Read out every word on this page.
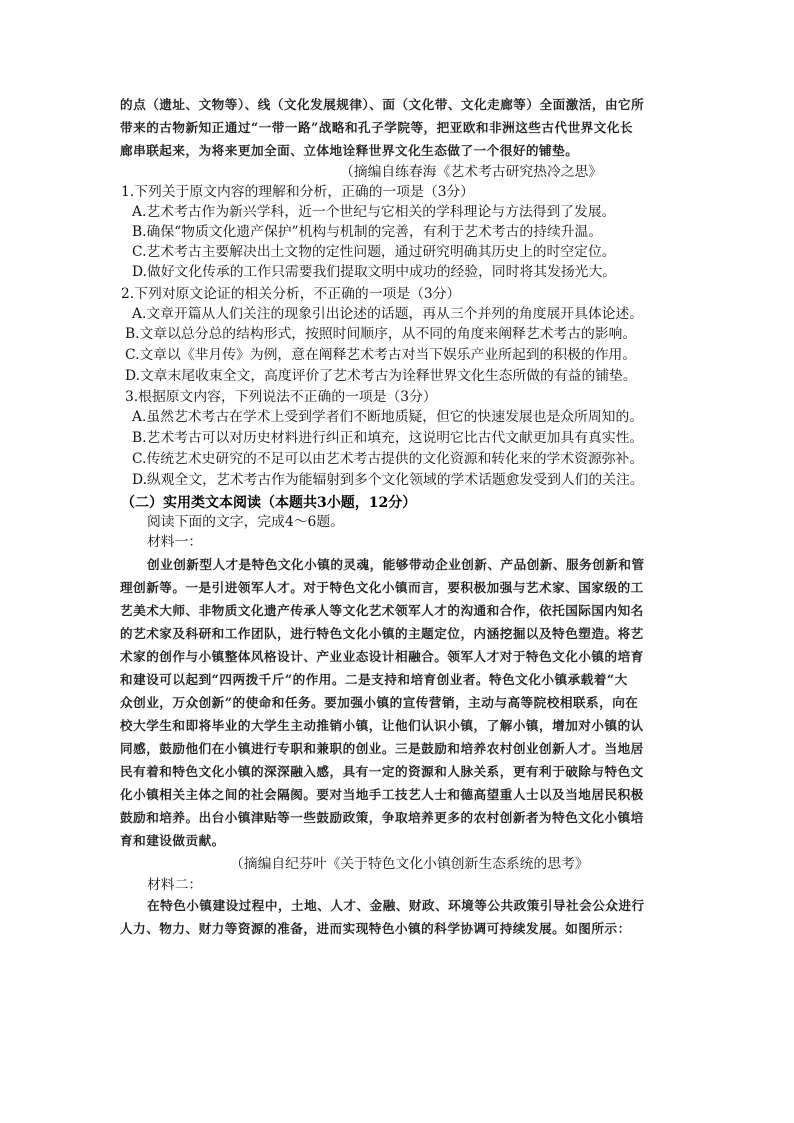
的点（遗址、文物等）、线（文化发展规律）、面（文化带、文化走廊等）全面激活，由它所
带来的古物新知正通过“一带一路”战略和孔子学院等，把亚欧和非洲这些古代世界文化长
廊串联起来，为将来更加全面、立体地诠释世界文化生态做了一个很好的铺垫。
（摘编自练春海《艺术考古研究热冷之思》
1.下列关于原文内容的理解和分析，正确的一项是（3分）
A.艺术考古作为新兴学科，近一个世纪与它相关的学科理论与方法得到了发展。
B.确保“物质文化遗产保护”机构与机制的完善，有利于艺术考古的持续升温。
C.艺术考古主要解决出土文物的定性问题，通过研究明确其历史上的时空定位。
D.做好文化传承的工作只需要我们提取文明中成功的经验，同时将其发扬光大。
2.下列对原文论证的相关分析，不正确的一项是（3分）
A.文章开篇从人们关注的现象引出论述的话题，再从三个并列的角度展开具体论述。
B.文章以总分总的结构形式，按照时间顺序，从不同的角度来阐释艺术考古的影响。
C.文章以《芈月传》为例，意在阐释艺术考古对当下娱乐产业所起到的积极的作用。
D.文章末尾收束全文，高度评价了艺术考古为诠释世界文化生态所做的有益的铺垫。
3.根据原文内容，下列说法不正确的一项是（3分）
A.虽然艺术考古在学术上受到学者们不断地质疑，但它的快速发展也是众所周知的。
B.艺术考古可以对历史材料进行纠正和填充，这说明它比古代文献更加具有真实性。
C.传统艺术史研究的不足可以由艺术考古提供的文化资源和转化来的学术资源弥补。
D.纵观全文，艺术考古作为能辐射到多个文化领域的学术话题愈发受到人们的关注。
（二）实用类文本阅读（本题共3小题，12分）
阅读下面的文字，完成4～6题。
材料一：
创业创新型人才是特色文化小镇的灵魂，能够带动企业创新、产品创新、服务创新和管
理创新等。一是引进领军人才。对于特色文化小镇而言，要积极加强与艺术家、国家级的工
艺美术大师、非物质文化遗产传承人等文化艺术领军人才的沟通和合作，依托国际国内知名
的艺术家及科研和工作团队，进行特色文化小镇的主题定位，内涵挖掘以及特色塑造。将艺
术家的创作与小镇整体风格设计、产业业态设计相融合。领军人才对于特色文化小镇的培育
和建设可以起到“四两拨千斤”的作用。二是支持和培育创业者。特色文化小镇承载着“大
众创业，万众创新”的使命和任务。要加强小镇的宣传营销，主动与高等院校相联系，向在
校大学生和即将毕业的大学生主动推销小镇，让他们认识小镇，了解小镇，增加对小镇的认
同感，鼓励他们在小镇进行专职和兼职的创业。三是鼓励和培养农村创业创新人才。当地居
民有着和特色文化小镇的深深融入感，具有一定的资源和人脉关系，更有利于破除与特色文
化小镇相关主体之间的社会隔阂。要对当地手工技艺人士和德高望重人士以及当地居民积极
鼓励和培养。出台小镇津贴等一些鼓励政策，争取培养更多的农村创新者为特色文化小镇培
育和建设做贡献。
（摘编自纪芬叶《关于特色文化小镇创新生态系统的思考》
材料二：
在特色小镇建设过程中，土地、人才、金融、财政、环境等公共政策引导社会公众进行
人力、物力、财力等资源的准备，进而实现特色小镇的科学协调可持续发展。如图所示：
